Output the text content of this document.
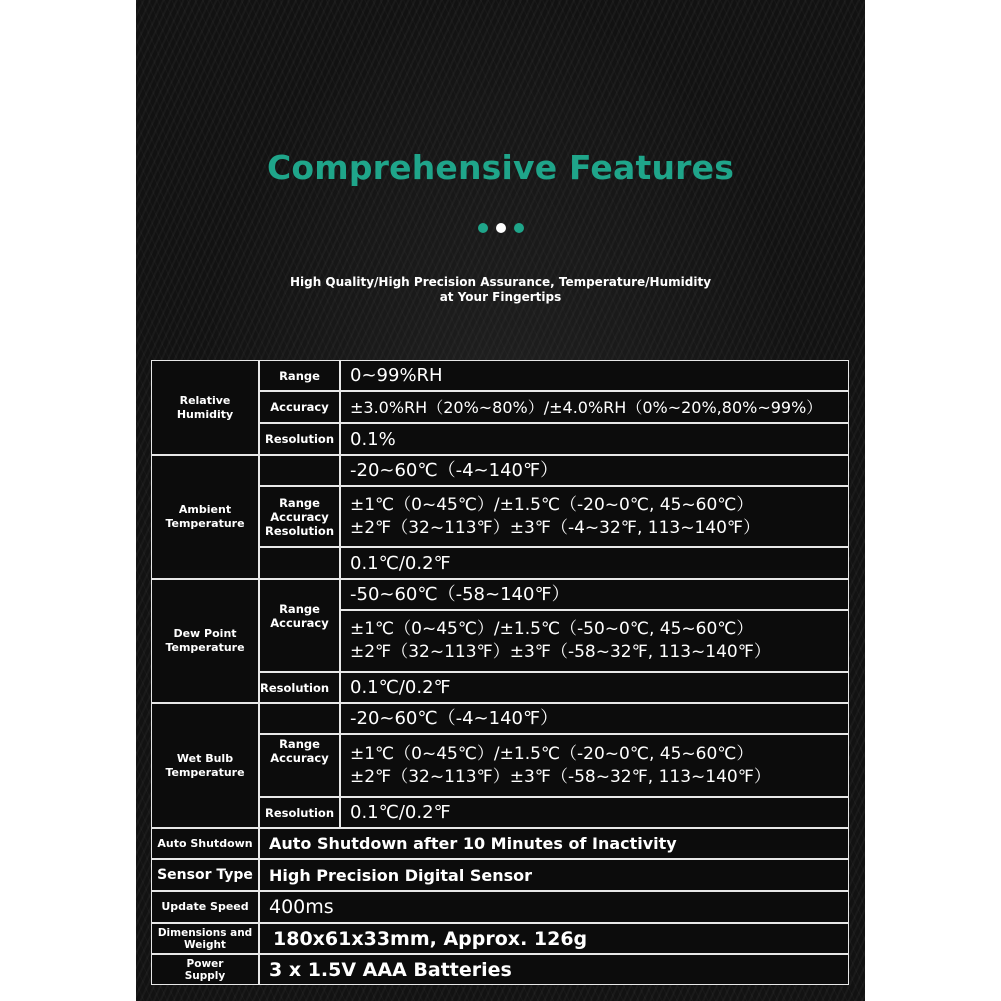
Comprehensive Features
High Quality/High Precision Assurance, Temperature/Humidity
at Your Fingertips
Relative Humidity
Range 0~99%RH
Accuracy ±3.0%RH（20%~80%）/±4.0%RH（0%~20%,80%~99%）
Resolution 0.1%
Ambient Temperature
-20~60℃（-4~140℉）
Range Accuracy Resolution
±1℃（0~45℃）/±1.5℃（-20~0℃, 45~60℃）
±2℉（32~113℉）±3℉（-4~32℉, 113~140℉）
0.1℃/0.2℉
Dew Point Temperature
Range Accuracy
-50~60℃（-58~140℉）
±1℃（0~45℃）/±1.5℃（-50~0℃, 45~60℃）
±2℉（32~113℉）±3℉（-58~32℉, 113~140℉）
Resolution 0.1℃/0.2℉
Wet Bulb Temperature
-20~60℃（-4~140℉）
Range Accuracy ±1℃（0~45℃）/±1.5℃（-20~0℃, 45~60℃）
±2℉（32~113℉）±3℉（-58~32℉, 113~140℉）
Resolution 0.1℃/0.2℉
Auto Shutdown Auto Shutdown after 10 Minutes of Inactivity
Sensor Type High Precision Digital Sensor
Update Speed 400ms
Dimensions and Weight	180x61x33mm, Approx. 126g
Power Supply 3 x 1.5V AAA Batteries
